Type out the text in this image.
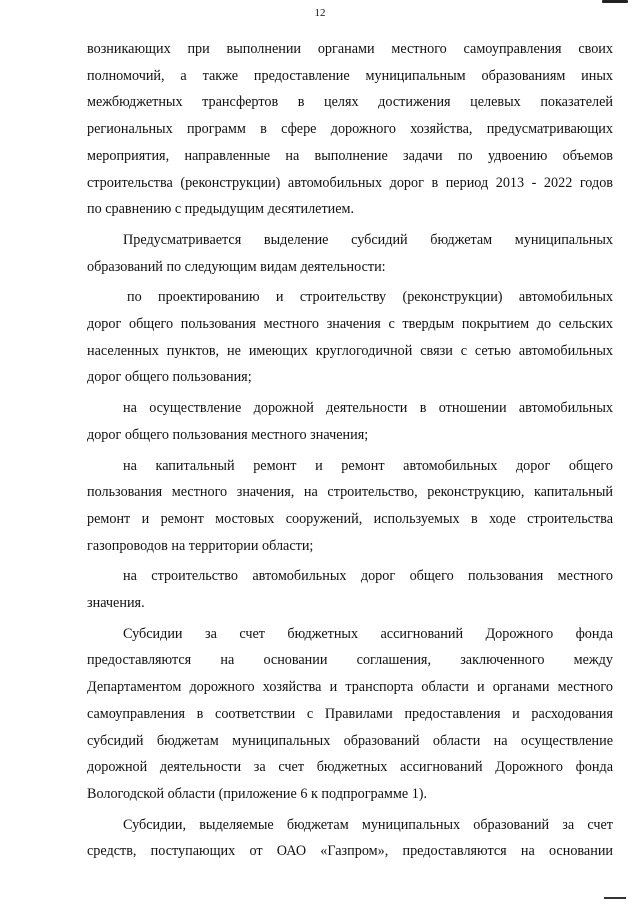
12
возникающих при выполнении органами местного самоуправления своих
полномочий, а также предоставление муниципальным образованиям иных
межбюджетных трансфертов в целях достижения целевых показателей
региональных программ в сфере дорожного хозяйства, предусматривающих
мероприятия, направленные на выполнение задачи по удвоению объемов
строительства (реконструкции) автомобильных дорог в период 2013 - 2022 годов
по сравнению с предыдущим десятилетием.
Предусматривается выделение субсидий бюджетам муниципальных
образований по следующим видам деятельности:
по проектированию и строительству (реконструкции) автомобильных
дорог общего пользования местного значения с твердым покрытием до сельских
населенных пунктов, не имеющих круглогодичной связи с сетью автомобильных
дорог общего пользования;
на осуществление дорожной деятельности в отношении автомобильных
дорог общего пользования местного значения;
на капитальный ремонт и ремонт автомобильных дорог общего
пользования местного значения, на строительство, реконструкцию, капитальный
ремонт и ремонт мостовых сооружений, используемых в ходе строительства
газопроводов на территории области;
на строительство автомобильных дорог общего пользования местного
значения.
Субсидии за счет бюджетных ассигнований Дорожного фонда
предоставляются на основании соглашения, заключенного между
Департаментом дорожного хозяйства и транспорта области и органами местного
самоуправления в соответствии с Правилами предоставления и расходования
субсидий бюджетам муниципальных образований области на осуществление
дорожной деятельности за счет бюджетных ассигнований Дорожного фонда
Вологодской области (приложение 6 к подпрограмме 1).
Субсидии, выделяемые бюджетам муниципальных образований за счет
средств, поступающих от ОАО «Газпром», предоставляются на основании
